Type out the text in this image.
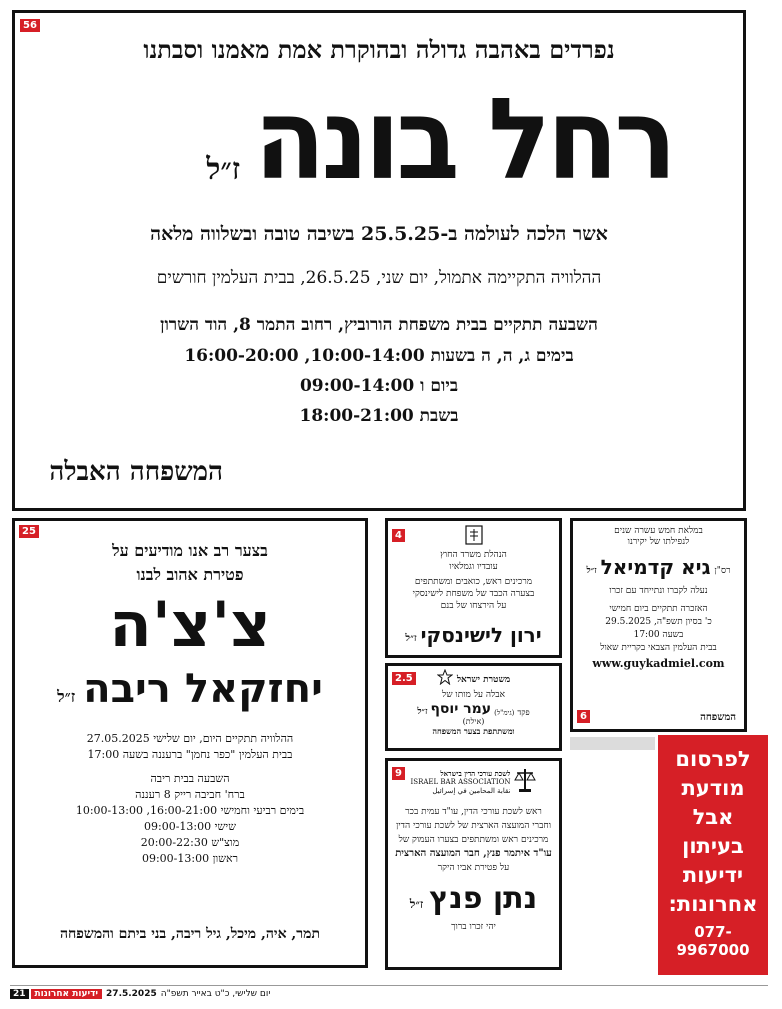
56
נפרדים באהבה גדולה ובהוקרת אמת מאמנו וסבתנו
רחל בונה
ז״ל
אשר הלכה לעולמה ב-25.5.25 בשיבה טובה ובשלווה מלאה
ההלוויה התקיימה אתמול, יום שני, 26.5.25, בבית העלמין חורשים
השבעה תתקיים בבית משפחת הורוביץ, רחוב התמר 8, הוד השרון
בימים ג, ה, ה בשעות 10:00-14:00, 16:00-20:00
ביום ו 09:00-14:00
בשבת 18:00-21:00
המשפחה האבלה
25
בצער רב אנו מודיעים על
פטירת אהוב לבנו
צ'צ'ה
יחזקאל ריבה
ז״ל
ההלוויה תתקיים היום, יום שלישי 27.05.2025
בבית העלמין "כפר נחמן" ברעננה בשעה 17:00
השבעה בבית ריבה
ברח' חביבה רייק 8 רעננה
בימים רביעי וחמישי 16:00-21:00, 10:00-13:00
שישי 09:00-13:00
מוצ"ש 20:00-22:30
ראשון 09:00-13:00
תמר, איה, מיכל, גיל ריבה, בני ביתם והמשפחה
4
הנהלת משרד החוץ
עובדיו וגמלאיו
מרכינים ראש, כואבים ומשתתפים
בצערה הכבד של משפחת לישינסקי
על הירצחו של בנם
ירון לישינסקי
ז״ל
2.5	משטרת ישראל
אבלה על מותו של
פקד
(גימ"ל)
עמר יוסף
ז״ל
(אילת)
ומשתתפת בצער המשפחה
9	לשכת עורכי הדין בישראל
ISRAEL BAR ASSOCIATION
نقابة المحامين في إسرائيل
ראש לשכת עורכי הדין, עו"ד עמית בכר
וחברי המועצה הארצית של לשכת עורכי הדין
מרכינים ראש ומשתתפים בצערו העמוק של
עו"ד איתמר פנץ, חבר המועצה הארצית
על פטירת אביו היקר
נתן פנץ
ז״ל
יהי זכרו ברוך
6
במלאת חמש עשרה שנים
לנפילתו של יקירנו
רס"ן
גיא קדמיאל
ז״ל
נעלה לקברו ונתייחד עם זכרו
האזכרה תתקיים ביום חמישי
כ' בסיון תשפ"ה, 29.5.2025
בשעה 17:00
בבית העלמין הצבאי בקריית שאול
www.guykadmiel.com
המשפחה
לפרסום
מודעת
אבל
בעיתון
ידיעות
אחרונות:
077-9967000
21	ידיעות אחרונות 27.5.2025 יום שלישי, כ"ט באייר תשפ"ה
